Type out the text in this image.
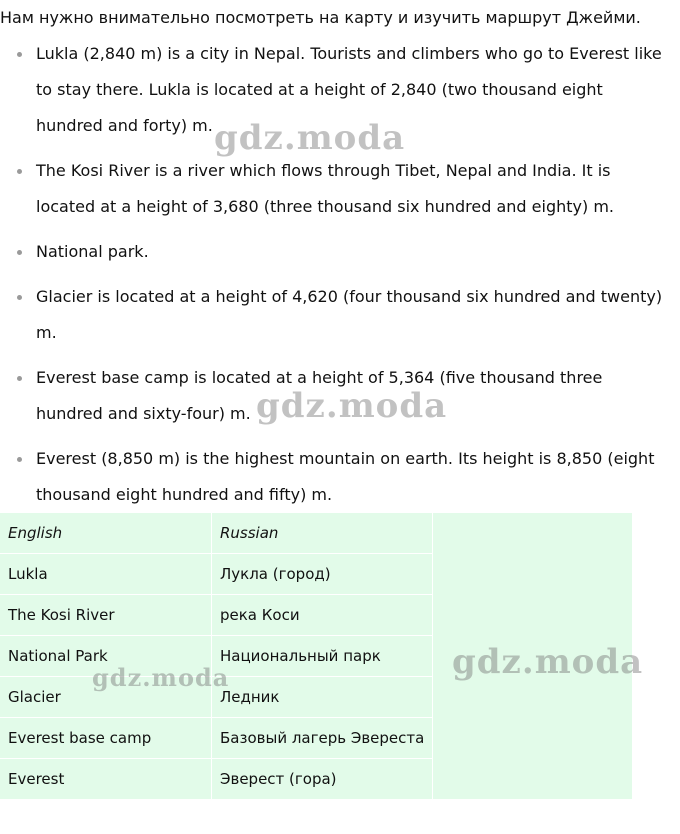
Нам нужно внимательно посмотреть на карту и изучить маршрут Джейми.
Lukla (2,840 m) is a city in Nepal. Tourists and climbers who go to Everest like to stay there. Lukla is located at a height of 2,840 (two thousand eight hundred and forty) m.
The Kosi River is a river which flows through Tibet, Nepal and India. It is located at a height of 3,680 (three thousand six hundred and eighty) m.
National park.
Glacier is located at a height of 4,620 (four thousand six hundred and twenty) m.
Everest base camp is located at a height of 5,364 (five thousand three hundred and sixty-four) m.
Everest (8,850 m) is the highest mountain on earth. Its height is 8,850 (eight thousand eight hundred and fifty) m.
English	Russian
Lukla	Лукла (город)
The Kosi River	река Коси
National Park	Национальный парк
Glacier	Ледник
Everest base camp	Базовый лагерь Эвереста
Everest	Эверест (гора)
gdz.moda
gdz.moda
gdz.moda
gdz.moda
